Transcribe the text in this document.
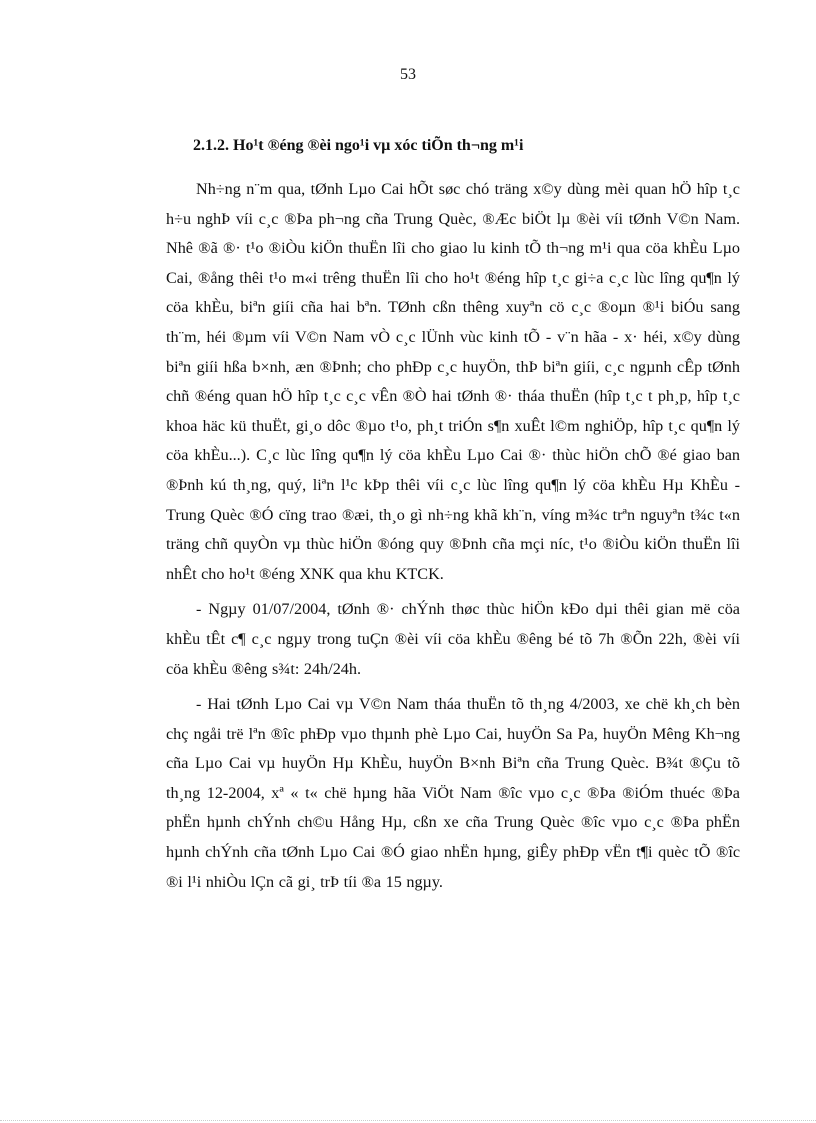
53
2.1.2. Ho¹t ®éng ®èi ngo¹i vµ xóc tiÕn th¬ng m¹i

Nh÷ng n¨m qua, tØnh Lµo Cai hÕt søc chó träng x©y dùng mèi quan hÖ hîp t¸c h÷u nghÞ víi c¸c ®Þa ph¬ng cña Trung Quèc, ®Æc biÖt lµ ®èi víi tØnh V©n Nam. Nhê ®ã ®· t¹o ®iÒu kiÖn thuËn lîi cho giao lu kinh tÕ th¬ng m¹i qua cöa khÈu Lµo Cai, ®ång thêi t¹o m«i trêng thuËn lîi cho ho¹t ®éng hîp t¸c gi÷a c¸c lùc lîng qu¶n lý cöa khÈu, biªn giíi cña hai bªn. TØnh cßn thêng xuyªn cö c¸c ®oµn ®¹i biÓu sang th¨m, héi ®µm víi V©n Nam vÒ c¸c lÜnh vùc kinh tÕ - v¨n hãa - x· héi, x©y dùng biªn giíi hßa b×nh, æn ®Þnh; cho phÐp c¸c huyÖn, thÞ biªn giíi, c¸c ngµnh cÊp tØnh chñ ®éng quan hÖ hîp t¸c c¸c vÊn ®Ò hai tØnh ®· tháa thuËn (hîp t¸c t ph¸p, hîp t¸c khoa häc kü thuËt, gi¸o dôc ®µo t¹o, ph¸t triÓn s¶n xuÊt l©m nghiÖp, hîp t¸c qu¶n lý cöa khÈu...). C¸c lùc lîng qu¶n lý cöa khÈu Lµo Cai ®· thùc hiÖn chÕ ®é giao ban ®Þnh kú th¸ng, quý, liªn l¹c kÞp thêi víi c¸c lùc lîng qu¶n lý cöa khÈu Hµ KhÈu - Trung Quèc ®Ó cïng trao ®æi, th¸o gì nh÷ng khã kh¨n, víng m¾c trªn nguyªn t¾c t«n träng chñ quyÒn vµ thùc hiÖn ®óng quy ®Þnh cña mçi níc, t¹o ®iÒu kiÖn thuËn lîi nhÊt cho ho¹t ®éng XNK qua khu KTCK.

- Ngµy 01/07/2004, tØnh ®· chÝnh thøc thùc hiÖn kÐo dµi thêi gian më cöa khÈu tÊt c¶ c¸c ngµy trong tuÇn ®èi víi cöa khÈu ®êng bé tõ 7h ®Õn 22h, ®èi víi cöa khÈu ®êng s¾t: 24h/24h.

- Hai tØnh Lµo Cai vµ V©n Nam tháa thuËn tõ th¸ng 4/2003, xe chë kh¸ch bèn chç ngåi trë lªn ®îc phÐp vµo thµnh phè Lµo Cai, huyÖn Sa Pa, huyÖn Mêng Kh¬ng cña Lµo Cai vµ huyÖn Hµ KhÈu, huyÖn B×nh Biªn cña Trung Quèc. B¾t ®Çu tõ th¸ng 12-2004, xª « t« chë hµng hãa ViÖt Nam ®îc vµo c¸c ®Þa ®iÓm thuéc ®Þa phËn hµnh chÝnh ch©u Hång Hµ, cßn xe cña Trung Quèc ®îc vµo c¸c ®Þa phËn hµnh chÝnh cña tØnh Lµo Cai ®Ó giao nhËn hµng, giÊy phÐp vËn t¶i quèc tÕ ®îc ®i l¹i nhiÒu lÇn cã gi¸ trÞ tíi ®a 15 ngµy.
